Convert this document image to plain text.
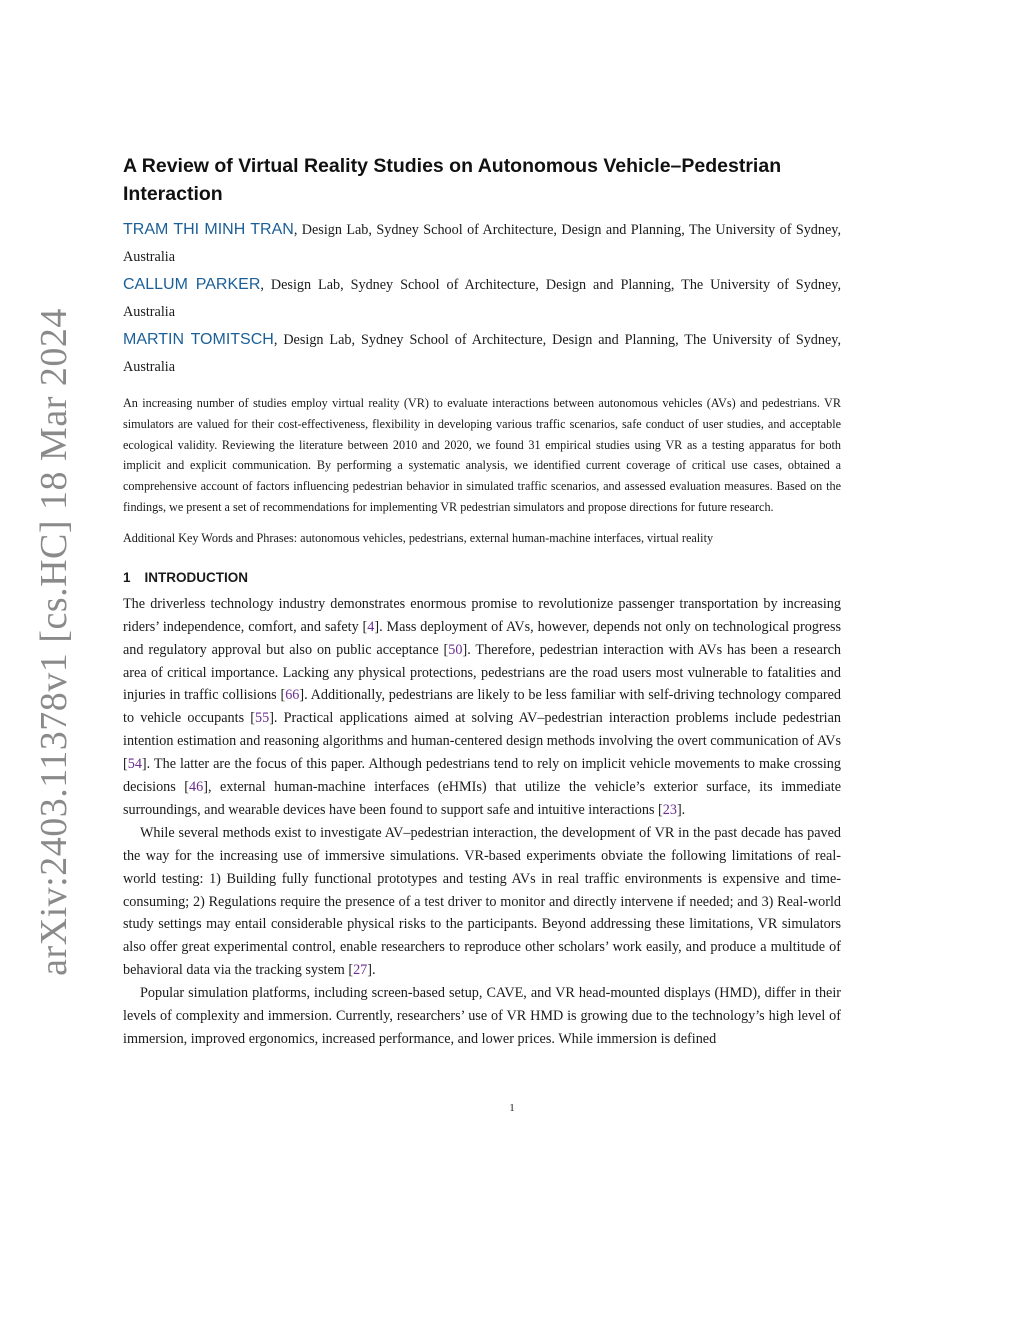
arXiv:2403.11378v1 [cs.HC] 18 Mar 2024
A Review of Virtual Reality Studies on Autonomous Vehicle–Pedestrian Interaction

TRAM THI MINH TRAN, Design Lab, Sydney School of Architecture, Design and Planning, The University of Sydney, Australia

CALLUM PARKER, Design Lab, Sydney School of Architecture, Design and Planning, The University of Sydney, Australia

MARTIN TOMITSCH, Design Lab, Sydney School of Architecture, Design and Planning, The University of Sydney, Australia

An increasing number of studies employ virtual reality (VR) to evaluate interactions between autonomous vehicles (AVs) and pedestrians. VR simulators are valued for their cost-effectiveness, flexibility in developing various traffic scenarios, safe conduct of user studies, and acceptable ecological validity. Reviewing the literature between 2010 and 2020, we found 31 empirical studies using VR as a testing apparatus for both implicit and explicit communication. By performing a systematic analysis, we identified current coverage of critical use cases, obtained a comprehensive account of factors influencing pedestrian behavior in simulated traffic scenarios, and assessed evaluation measures. Based on the findings, we present a set of recommendations for implementing VR pedestrian simulators and propose directions for future research.

Additional Key Words and Phrases: autonomous vehicles, pedestrians, external human-machine interfaces, virtual reality

1 INTRODUCTION

The driverless technology industry demonstrates enormous promise to revolutionize passenger transportation by increasing riders’ independence, comfort, and safety [4]. Mass deployment of AVs, however, depends not only on technological progress and regulatory approval but also on public acceptance [50]. Therefore, pedestrian interaction with AVs has been a research area of critical importance. Lacking any physical protections, pedestrians are the road users most vulnerable to fatalities and injuries in traffic collisions [66]. Additionally, pedestrians are likely to be less familiar with self-driving technology compared to vehicle occupants [55]. Practical applications aimed at solving AV–pedestrian interaction problems include pedestrian intention estimation and reasoning algorithms and human-centered design methods involving the overt communication of AVs [54]. The latter are the focus of this paper. Although pedestrians tend to rely on implicit vehicle movements to make crossing decisions [46], external human-machine interfaces (eHMIs) that utilize the vehicle’s exterior surface, its immediate surroundings, and wearable devices have been found to support safe and intuitive interactions [23].

While several methods exist to investigate AV–pedestrian interaction, the development of VR in the past decade has paved the way for the increasing use of immersive simulations. VR-based experiments obviate the following limitations of real-world testing: 1) Building fully functional prototypes and testing AVs in real traffic environments is expensive and time-consuming; 2) Regulations require the presence of a test driver to monitor and directly intervene if needed; and 3) Real-world study settings may entail considerable physical risks to the participants. Beyond addressing these limitations, VR simulators also offer great experimental control, enable researchers to reproduce other scholars’ work easily, and produce a multitude of behavioral data via the tracking system [27].

Popular simulation platforms, including screen-based setup, CAVE, and VR head-mounted displays (HMD), differ in their levels of complexity and immersion. Currently, researchers’ use of VR HMD is growing due to the technology’s high level of immersion, improved ergonomics, increased performance, and lower prices. While immersion is defined

1
